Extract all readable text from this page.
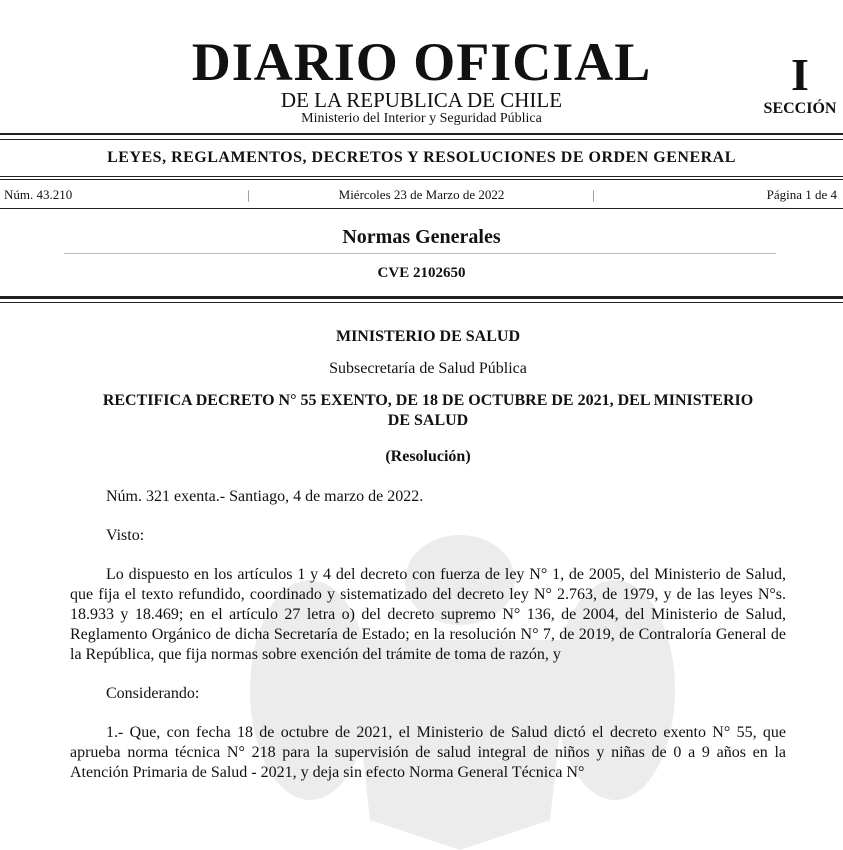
DIARIO OFICIAL
DE LA REPUBLICA DE CHILE
Ministerio del Interior y Seguridad Pública
I
SECCIÓN
LEYES, REGLAMENTOS, DECRETOS Y RESOLUCIONES DE ORDEN GENERAL
Núm. 43.210	|	Miércoles 23 de Marzo de 2022	|	Página 1 de 4
Normas Generales
CVE 2102650

MINISTERIO DE SALUD

Subsecretaría de Salud Pública

RECTIFICA DECRETO N° 55 EXENTO, DE 18 DE OCTUBRE DE 2021, DEL MINISTERIO DE SALUD

(Resolución)

Núm. 321 exenta.- Santiago, 4 de marzo de 2022.

Visto:

Lo dispuesto en los artículos 1 y 4 del decreto con fuerza de ley N° 1, de 2005, del Ministerio de Salud, que fija el texto refundido, coordinado y sistematizado del decreto ley N° 2.763, de 1979, y de las leyes N°s. 18.933 y 18.469; en el artículo 27 letra o) del decreto supremo N° 136, de 2004, del Ministerio de Salud, Reglamento Orgánico de dicha Secretaría de Estado; en la resolución N° 7, de 2019, de Contraloría General de la República, que fija normas sobre exención del trámite de toma de razón, y

Considerando:

1.- Que, con fecha 18 de octubre de 2021, el Ministerio de Salud dictó el decreto exento N° 55, que aprueba norma técnica N° 218 para la supervisión de salud integral de niños y niñas de 0 a 9 años en la Atención Primaria de Salud - 2021, y deja sin efecto Norma General Técnica N°
